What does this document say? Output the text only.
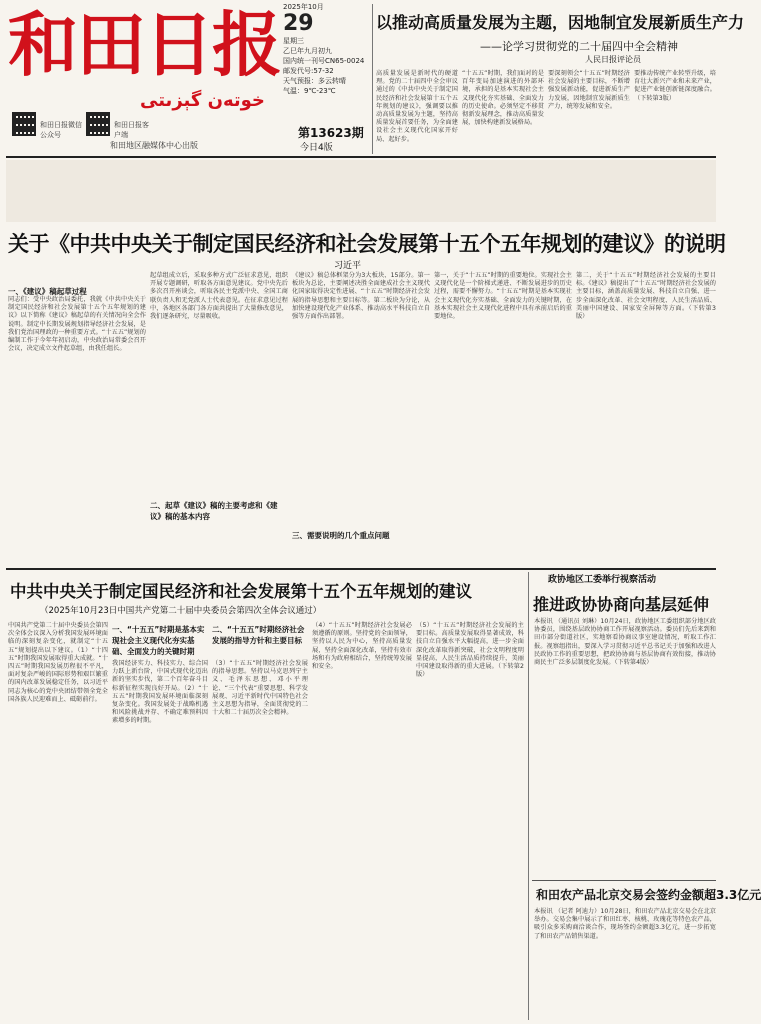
和田日报
خوتەن گېزىتى
和田日报微信公众号
和田日报客户端
和田地区融媒体中心出版
2025年10月
29
星期三
乙巳年九月初九
国内统一刊号CN65-0024
邮发代号:57-32
天气预报：多云转晴
气温：9℃-23℃
第13623期
今日4版
以推动高质量发展为主题，因地制宜发展新质生产力
——论学习贯彻党的二十届四中全会精神
人民日报评论员
高质量发展是新时代的硬道理。党的二十届四中全会审议通过的《中共中央关于制定国民经济和社会发展第十五个五年规划的建议》，强调要以推动高质量发展为主题，坚持高质量发展首要任务，为全面建设社会主义现代化国家开好局、起好步。
“十五五”时期，我们面对的是百年变局加速演进的外部环境，承担的是基本实现社会主义现代化夯实基础、全面发力的历史使命。必须坚定不移贯彻新发展理念，推动高质量发展，加快构建新发展格局。
要深刻领会“十五五”时期经济社会发展的主要目标，不断增强发展新动能，促进新质生产力发展，因地制宜发展新质生产力，统筹发展和安全。
要推动传统产业转型升级，培育壮大新兴产业和未来产业，促进产业链创新链深度融合。（下转第3版）
关于《中共中央关于制定国民经济和社会发展第十五个五年规划的建议》的说明
习近平
一、《建议》稿起草过程
同志们：受中央政治局委托，我就《中共中央关于制定国民经济和社会发展第十五个五年规划的建议》以下简称《建议》稿起草的有关情况向全会作说明。制定中长期发展规划指导经济社会发展，是我们党治国理政的一种重要方式。“十五五”规划的编制工作于今年年初启动，中央政治局常委会召开会议，决定成立文件起草组，由我任组长。
起草组成立后，采取多种方式广泛征求意见，组织开展专题调研，听取各方面意见建议。党中央先后多次召开座谈会，听取各民主党派中央、全国工商联负责人和无党派人士代表意见。在征求意见过程中，各地区各部门各方面共提出了大量修改意见，我们逐条研究，尽量吸收。
二、起草《建议》稿的主要考虑和《建议》稿的基本内容
《建议》稿总体框架分为3大板块、15部分。第一板块为总论，主要阐述决胜全面建成社会主义现代化国家取得决定性进展、“十五五”时期经济社会发展的指导思想和主要目标等。第二板块为分论，从加快建设现代化产业体系、推动高水平科技自立自强等方面作出部署。
三、需要说明的几个重点问题
第一，关于“十五五”时期的重要地位。实现社会主义现代化是一个阶梯式递进、不断发展进步的历史过程，需要不懈努力。“十五五”时期是基本实现社会主义现代化夯实基础、全面发力的关键时期，在基本实现社会主义现代化进程中具有承前启后的重要地位。
第二，关于“十五五”时期经济社会发展的主要目标。《建议》稿提出了“十五五”时期经济社会发展的主要目标，涵盖高质量发展、科技自立自强、进一步全面深化改革、社会文明程度、人民生活品质、美丽中国建设、国家安全屏障等方面。（下转第3版）
中共中央关于制定国民经济和社会发展第十五个五年规划的建议
（2025年10月23日中国共产党第二十届中央委员会第四次全体会议通过）
中国共产党第二十届中央委员会第四次全体会议深入分析我国发展环境面临的深刻复杂变化，就制定“十五五”规划提出以下建议。（1）“十四五”时期我国发展取得重大成就。“十四五”时期我国发展历程很不平凡，面对复杂严峻的国际形势和艰巨繁重的国内改革发展稳定任务，以习近平同志为核心的党中央团结带领全党全国各族人民迎难而上、砥砺前行。
一、“十五五”时期是基本实现社会主义现代化夯实基础、全面发力的关键时期
我国经济实力、科技实力、综合国力跃上新台阶，中国式现代化迈出新的坚实步伐，第二个百年奋斗目标新征程实现良好开局。（2）“十五五”时期我国发展环境面临深刻复杂变化。我国发展处于战略机遇和风险挑战并存、不确定难预料因素增多的时期。
二、“十五五”时期经济社会发展的指导方针和主要目标
（3）“十五五”时期经济社会发展的指导思想。坚持以马克思列宁主义、毛泽东思想、邓小平理论、“三个代表”重要思想、科学发展观、习近平新时代中国特色社会主义思想为指导，全面贯彻党的二十大和二十届历次全会精神。
（4）“十五五”时期经济社会发展必须遵循的原则。坚持党的全面领导，坚持以人民为中心，坚持高质量发展，坚持全面深化改革，坚持有效市场和有为政府相结合，坚持统筹发展和安全。
（5）“十五五”时期经济社会发展的主要目标。高质量发展取得显著成效，科技自立自强水平大幅提高，进一步全面深化改革取得新突破，社会文明程度明显提高，人民生活品质持续提升，美丽中国建设取得新的重大进展。（下转第2版）
政协地区工委举行视察活动
推进政协协商向基层延伸
本报讯 （通讯员 刘琳）10月24日，政协地区工委组织部分地区政协委员，围绕基层政协协商工作开展视察活动。委员们先后来到和田市部分街道社区，实地察看协商议事室建设情况，听取工作汇报。视察组指出，要深入学习贯彻习近平总书记关于加强和改进人民政协工作的重要思想，把政协协商与基层协商有效衔接，推动协商民主广泛多层制度化发展。（下转第4版）
和田农产品北京交易会签约金额超3.3亿元
本报讯 （记者 阿迪力）10月28日，和田农产品北京交易会在北京举办。交易会集中展示了和田红枣、核桃、玫瑰花等特色农产品，吸引众多采购商洽谈合作，现场签约金额超3.3亿元，进一步拓宽了和田农产品销售渠道。
